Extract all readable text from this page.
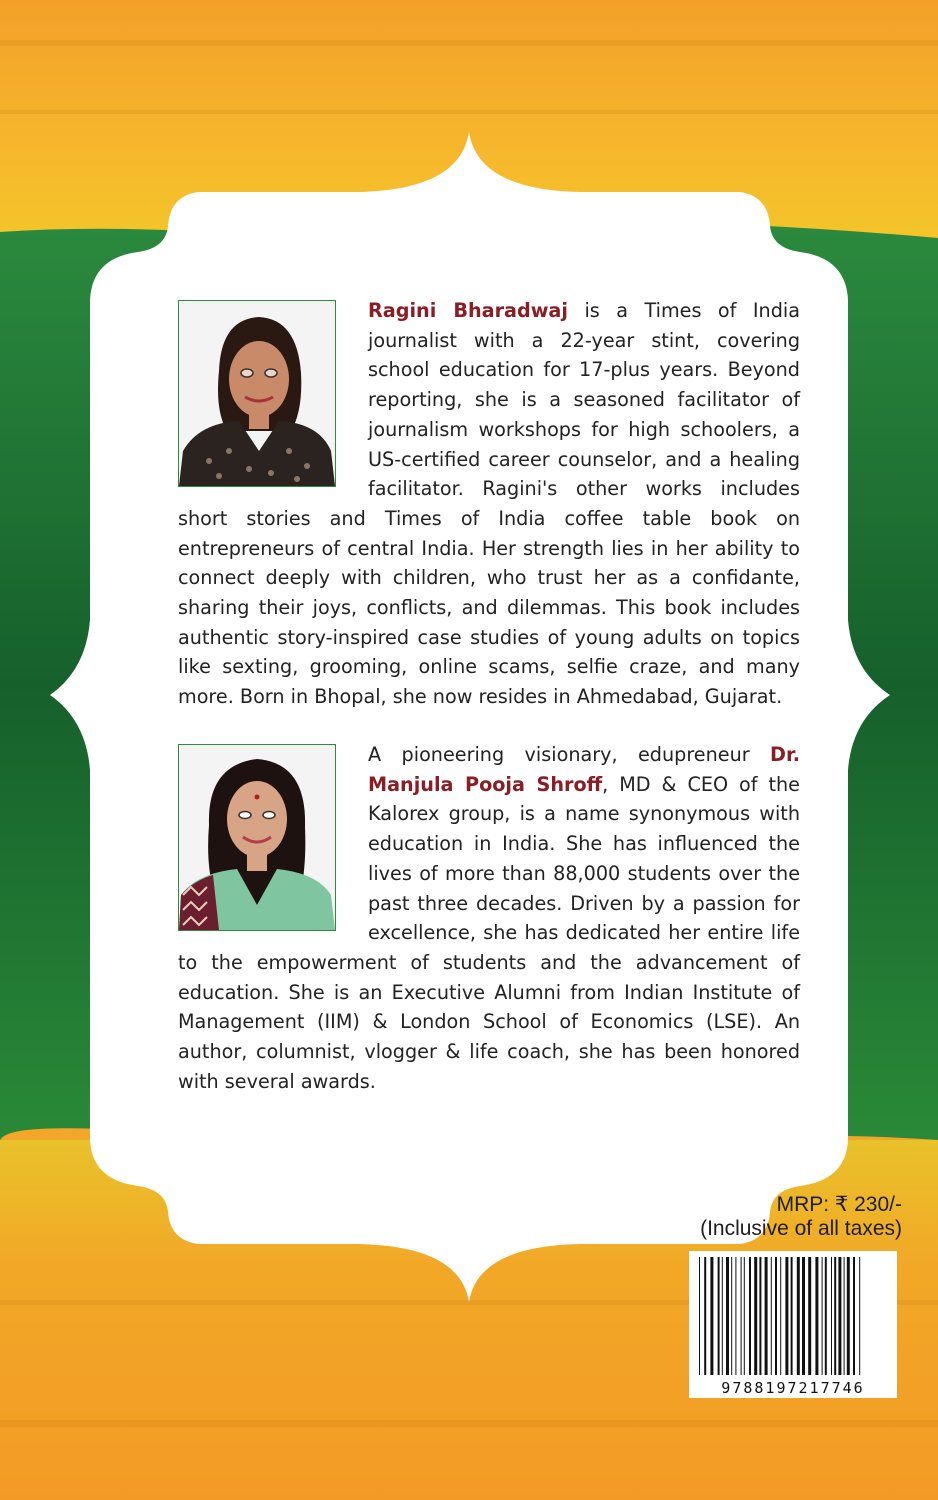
Ragini Bharadwaj is a Times of India journalist with a 22-year stint, covering school education for 17-plus years. Beyond reporting, she is a seasoned facilitator of journalism workshops for high schoolers, a US-certified career counselor, and a healing facilitator. Ragini's other works includes short stories and Times of India coffee table book on entrepreneurs of central India. Her strength lies in her ability to connect deeply with children, who trust her as a confidante, sharing their joys, conflicts, and dilemmas. This book includes authentic story-inspired case studies of young adults on topics like sexting, grooming, online scams, selfie craze, and many more. Born in Bhopal, she now resides in Ahmedabad, Gujarat.
A pioneering visionary, edupreneur Dr. Manjula Pooja Shroff, MD & CEO of the Kalorex group, is a name synonymous with education in India. She has influenced the lives of more than 88,000 students over the past three decades. Driven by a passion for excellence, she has dedicated her entire life to the empowerment of students and the advancement of education. She is an Executive Alumni from Indian Institute of Management (IIM) & London School of Economics (LSE). An author, columnist, vlogger & life coach, she has been honored with several awards.
MRP: ₹ 230/-
(Inclusive of all taxes)
9788197217746
